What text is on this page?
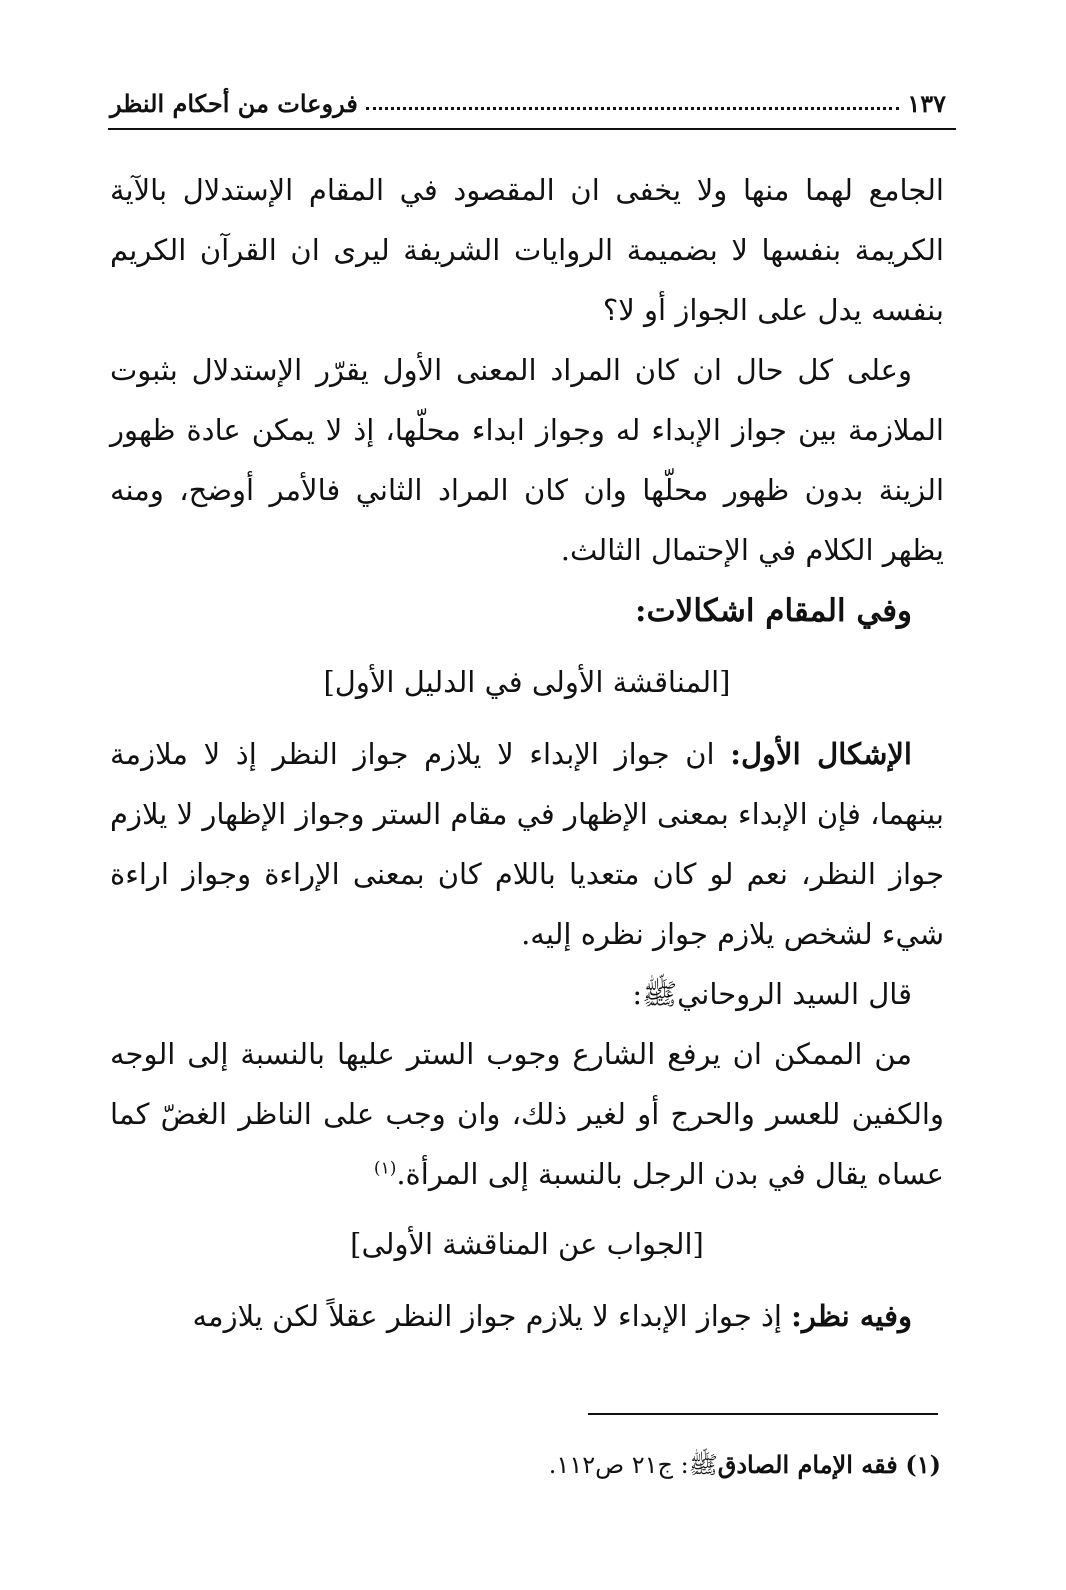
١٣٧
فروعات من أحكام النظر

الجامع لهما منها ولا يخفى ان المقصود في المقام الإستدلال بالآية الكريمة بنفسها لا بضميمة الروايات الشريفة ليرى ان القرآن الكريم بنفسه يدل على الجواز أو لا؟

وعلى كل حال ان كان المراد المعنى الأول يقرّر الإستدلال بثبوت الملازمة بين جواز الإبداء له وجواز ابداء محلّها، إذ لا يمكن عادة ظهور الزينة بدون ظهور محلّها وان كان المراد الثاني فالأمر أوضح، ومنه يظهر الكلام في الإحتمال الثالث.

وفي المقام اشكالات:

[المناقشة الأولى في الدليل الأول]

الإشكال الأول: ان جواز الإبداء لا يلازم جواز النظر إذ لا ملازمة بينهما، فإن الإبداء بمعنى الإظهار في مقام الستر وجواز الإظهار لا يلازم جواز النظر، نعم لو كان متعديا باللام كان بمعنى الإراءة وجواز اراءة شيء لشخص يلازم جواز نظره إليه.

قال السيد الروحانيﷺ:

من الممكن ان يرفع الشارع وجوب الستر عليها بالنسبة إلى الوجه والكفين للعسر والحرج أو لغير ذلك، وان وجب على الناظر الغضّ كما عساه يقال في بدن الرجل بالنسبة إلى المرأة.$^{(١)}$

[الجواب عن المناقشة الأولى]

وفيه نظر: إذ جواز الإبداء لا يلازم جواز النظر عقلاً لكن يلازمه

(١) فقه الإمام الصادقﷺ: ج٢١ ص١١٢.
